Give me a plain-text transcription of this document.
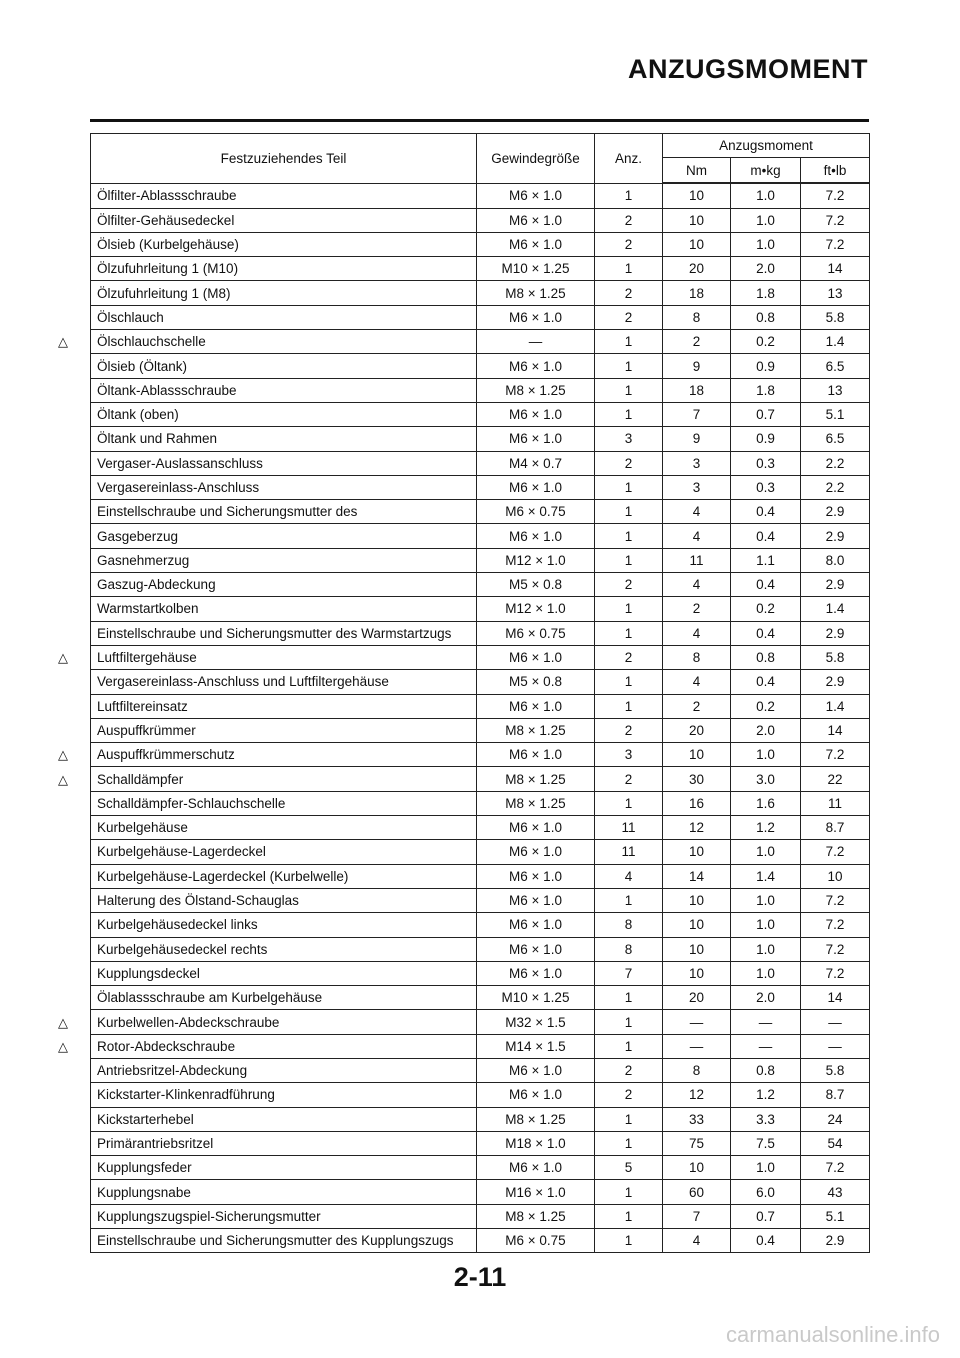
ANZUGSMOMENT
Festzuziehendes Teil	Gewindegröße	Anz.	Anzugsmoment		
			Nm	m•kg	ft•lb
Ölfilter-Ablassschraube	M6 × 1.0	1	10	1.0	7.2
Ölfilter-Gehäusedeckel	M6 × 1.0	2	10	1.0	7.2
Ölsieb (Kurbelgehäuse)	M6 × 1.0	2	10	1.0	7.2
Ölzufuhrleitung 1 (M10)	M10 × 1.25	1	20	2.0	14
Ölzufuhrleitung 1 (M8)	M8 × 1.25	2	18	1.8	13
Ölschlauch	M6 × 1.0	2	8	0.8	5.8
Ölschlauchschelle	—	1	2	0.2	1.4
Ölsieb (Öltank)	M6 × 1.0	1	9	0.9	6.5
Öltank-Ablassschraube	M8 × 1.25	1	18	1.8	13
Öltank (oben)	M6 × 1.0	1	7	0.7	5.1
Öltank und Rahmen	M6 × 1.0	3	9	0.9	6.5
Vergaser-Auslassanschluss	M4 × 0.7	2	3	0.3	2.2
Vergasereinlass-Anschluss	M6 × 1.0	1	3	0.3	2.2
Einstellschraube und Sicherungsmutter des	M6 × 0.75	1	4	0.4	2.9
Gasgeberzug	M6 × 1.0	1	4	0.4	2.9
Gasnehmerzug	M12 × 1.0	1	11	1.1	8.0
Gaszug-Abdeckung	M5 × 0.8	2	4	0.4	2.9
Warmstartkolben	M12 × 1.0	1	2	0.2	1.4
Einstellschraube und Sicherungsmutter des Warmstartzugs	M6 × 0.75	1	4	0.4	2.9
Luftfiltergehäuse	M6 × 1.0	2	8	0.8	5.8
Vergasereinlass-Anschluss und Luftfiltergehäuse	M5 × 0.8	1	4	0.4	2.9
Luftfiltereinsatz	M6 × 1.0	1	2	0.2	1.4
Auspuffkrümmer	M8 × 1.25	2	20	2.0	14
Auspuffkrümmerschutz	M6 × 1.0	3	10	1.0	7.2
Schalldämpfer	M8 × 1.25	2	30	3.0	22
Schalldämpfer-Schlauchschelle	M8 × 1.25	1	16	1.6	11
Kurbelgehäuse	M6 × 1.0	11	12	1.2	8.7
Kurbelgehäuse-Lagerdeckel	M6 × 1.0	11	10	1.0	7.2
Kurbelgehäuse-Lagerdeckel (Kurbelwelle)	M6 × 1.0	4	14	1.4	10
Halterung des Ölstand-Schauglas	M6 × 1.0	1	10	1.0	7.2
Kurbelgehäusedeckel links	M6 × 1.0	8	10	1.0	7.2
Kurbelgehäusedeckel rechts	M6 × 1.0	8	10	1.0	7.2
Kupplungsdeckel	M6 × 1.0	7	10	1.0	7.2
Ölablassschraube am Kurbelgehäuse	M10 × 1.25	1	20	2.0	14
Kurbelwellen-Abdeckschraube	M32 × 1.5	1	—	—	—
Rotor-Abdeckschraube	M14 × 1.5	1	—	—	—
Antriebsritzel-Abdeckung	M6 × 1.0	2	8	0.8	5.8
Kickstarter-Klinkenradführung	M6 × 1.0	2	12	1.2	8.7
Kickstarterhebel	M8 × 1.25	1	33	3.3	24
Primärantriebsritzel	M18 × 1.0	1	75	7.5	54
Kupplungsfeder	M6 × 1.0	5	10	1.0	7.2
Kupplungsnabe	M16 × 1.0	1	60	6.0	43
Kupplungszugspiel-Sicherungsmutter	M8 × 1.25	1	7	0.7	5.1
Einstellschraube und Sicherungsmutter des Kupplungszugs	M6 × 0.75	1	4	0.4	2.9
△
△
△
△
△
△
2-11
carmanualsonline.info
